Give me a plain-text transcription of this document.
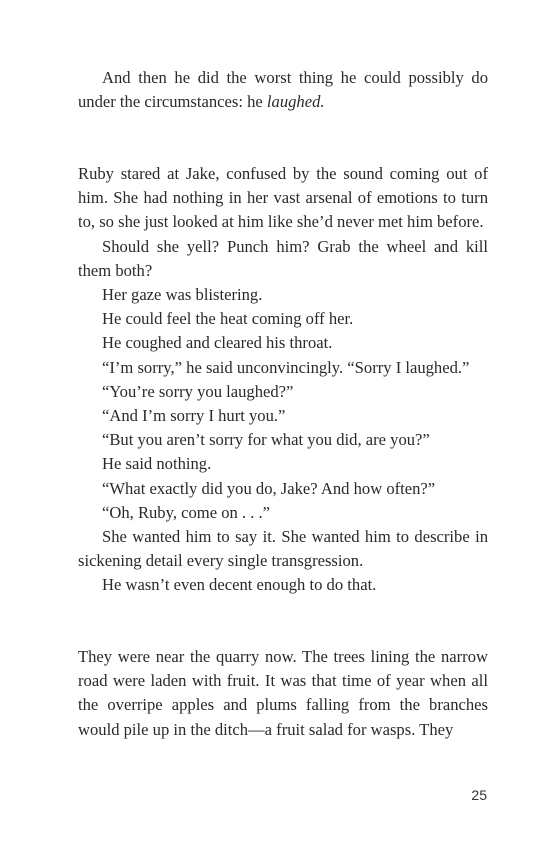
And then he did the worst thing he could possibly do under the circumstances: he laughed.

Ruby stared at Jake, confused by the sound coming out of him. She had nothing in her vast arsenal of emotions to turn to, so she just looked at him like she’d never met him before.

Should she yell? Punch him? Grab the wheel and kill them both?

Her gaze was blistering.

He could feel the heat coming off her.

He coughed and cleared his throat.

“I’m sorry,” he said unconvincingly. “Sorry I laughed.”

“You’re sorry you laughed?”

“And I’m sorry I hurt you.”

“But you aren’t sorry for what you did, are you?”

He said nothing.

“What exactly did you do, Jake? And how often?”

“Oh, Ruby, come on . . .”

She wanted him to say it. She wanted him to describe in sickening detail every single transgression.

He wasn’t even decent enough to do that.

They were near the quarry now. The trees lining the narrow road were laden with fruit. It was that time of year when all the overripe apples and plums falling from the branches would pile up in the ditch—a fruit salad for wasps. They

25
